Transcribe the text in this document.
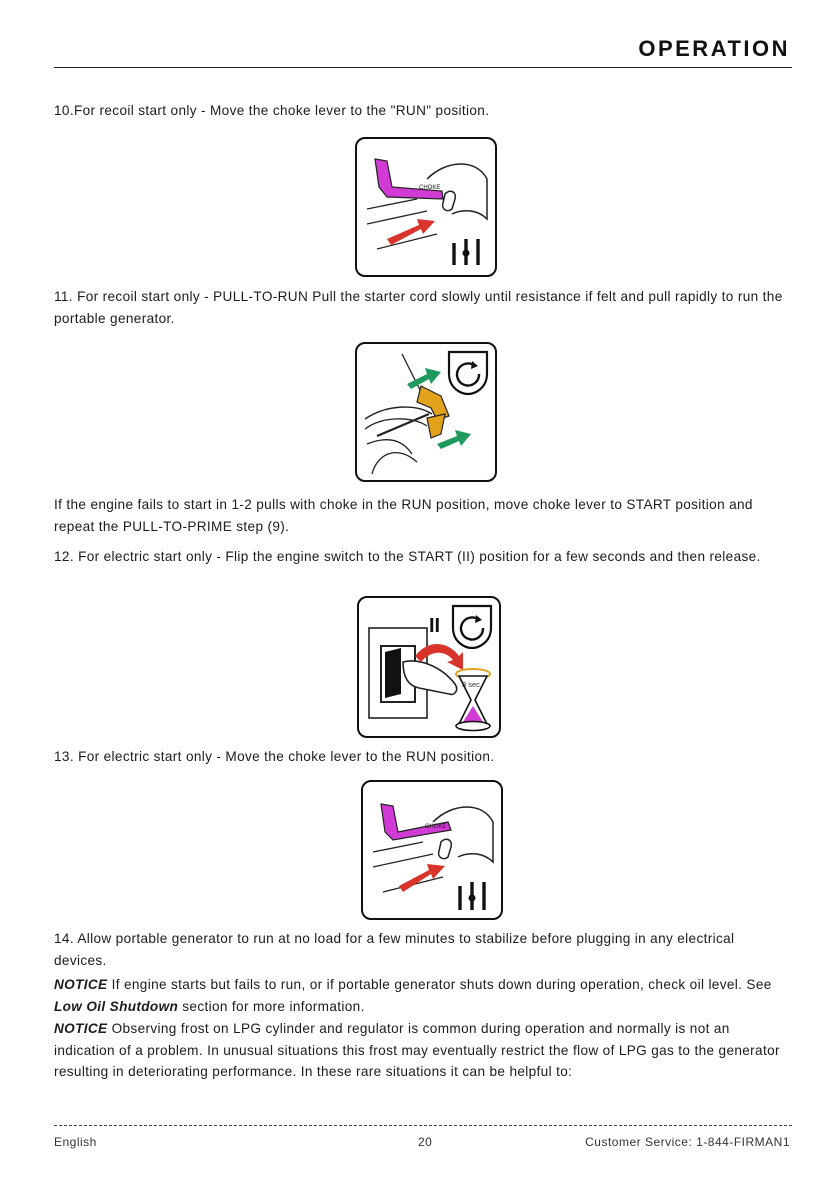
OPERATION
10.For recoil start only - Move the choke lever to the "RUN" position.
CHOKE
11. For recoil start only - PULL-TO-RUN Pull the starter cord slowly until resistance if felt and pull rapidly to run the portable generator.
If the engine fails to start in 1-2 pulls with choke in the RUN position, move choke lever to START position and repeat the PULL-TO-PRIME step (9).
12. For electric start only - Flip the engine switch to the START (II) position for a few seconds and then release.
II
3 sec
13. For electric start only - Move the choke lever to the RUN position.
CHOKE
14. Allow portable generator to run at no load for a few minutes to stabilize before plugging in any electrical devices.
NOTICE If engine starts but fails to run, or if portable generator shuts down during operation, check oil level. See Low Oil Shutdown section for more information.
NOTICE Observing frost on LPG cylinder and regulator is common during operation and normally is not an indication of a problem. In unusual situations this frost may eventually restrict the flow of LPG gas to the generator resulting in deteriorating performance. In these rare situations it can be helpful to:
English	20	Customer Service: 1-844-FIRMAN1
